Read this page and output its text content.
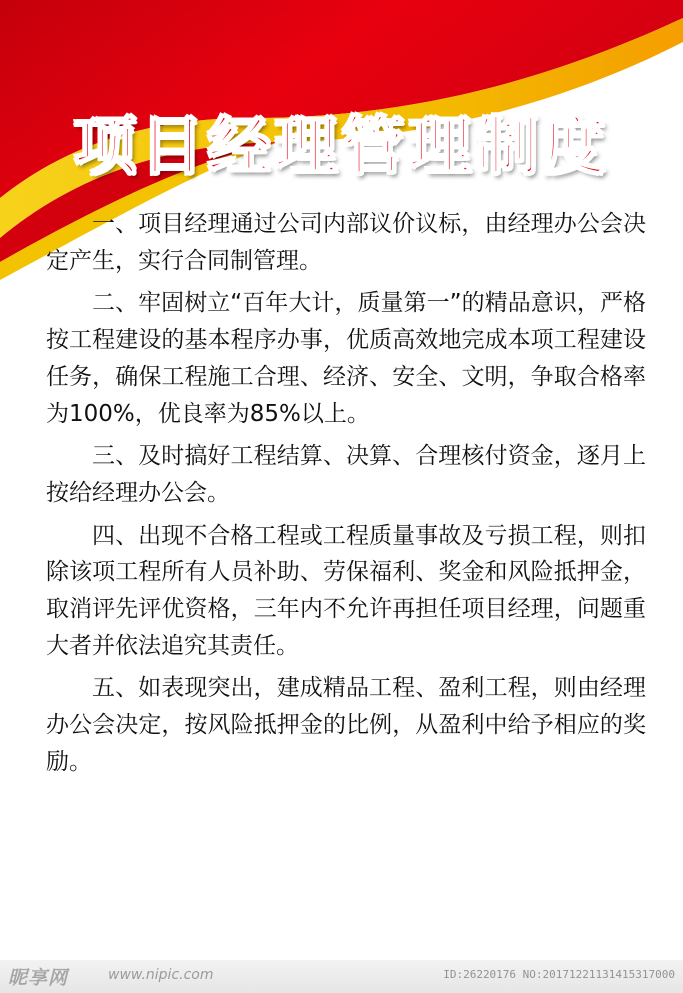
项目经理管理制度

一、项目经理通过公司内部议价议标，由经理办公会决定产生，实行合同制管理。

二、牢固树立“百年大计，质量第一”的精品意识，严格按工程建设的基本程序办事，优质高效地完成本项工程建设任务，确保工程施工合理、经济、安全、文明，争取合格率为100%，优良率为85%以上。

三、及时搞好工程结算、决算、合理核付资金，逐月上按给经理办公会。

四、出现不合格工程或工程质量事故及亏损工程，则扣除该项工程所有人员补助、劳保福利、奖金和风险抵押金，取消评先评优资格，三年内不允许再担任项目经理，问题重大者并依法追究其责任。

五、如表现突出，建成精品工程、盈利工程，则由经理办公会决定，按风险抵押金的比例，从盈利中给予相应的奖励。

昵享网	www.nipic.com	ID:26220176 NO:20171221131415317000
